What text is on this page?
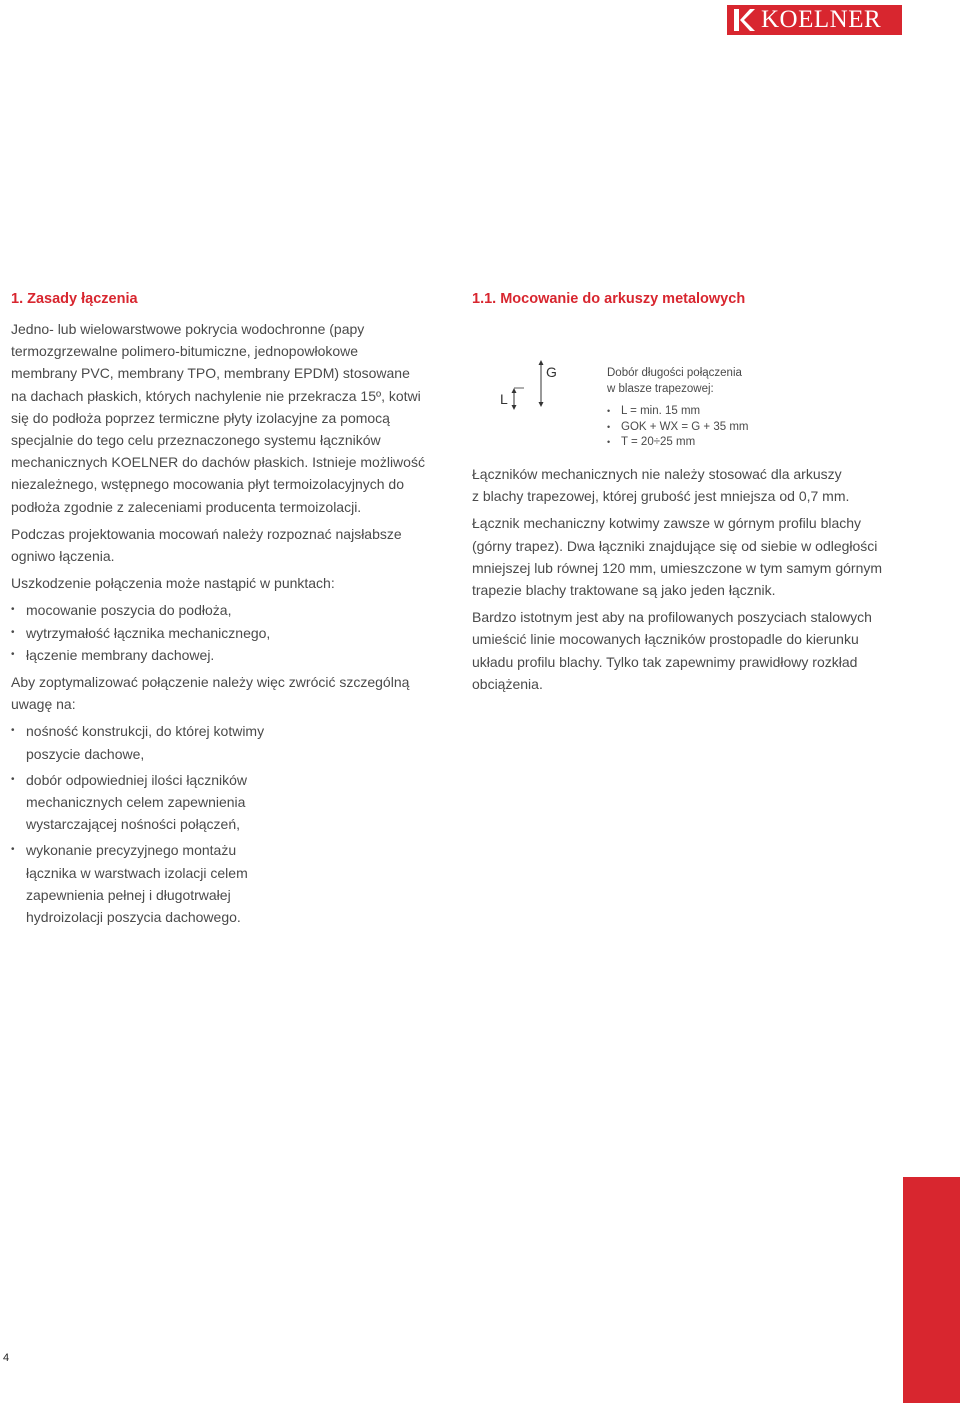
KOELNER
1. Zasady łączenia

Jedno- lub wielowarstwowe pokrycia wodochronne (papy
termozgrzewalne polimero-bitumiczne, jednopowłokowe
membrany PVC, membrany TPO, membrany EPDM) stosowane
na dachach płaskich, których nachylenie nie przekracza 15º, kotwi
się do podłoża poprzez termiczne płyty izolacyjne za pomocą
specjalnie do tego celu przeznaczonego systemu łączników
mechanicznych KOELNER do dachów płaskich. Istnieje możliwość
niezależnego, wstępnego mocowania płyt termoizolacyjnych do
podłoża zgodnie z zaleceniami producenta termoizolacji.

Podczas projektowania mocowań należy rozpoznać najsłabsze
ogniwo łączenia.

Uszkodzenie połączenia może nastąpić w punktach:

• mocowanie poszycia do podłoża,
• wytrzymałość łącznika mechanicznego,
• łączenie membrany dachowej.

Aby zoptymalizować połączenie należy więc zwrócić szczególną
uwagę na:

• nośność konstrukcji, do której kotwimy
poszycie dachowe,
• dobór odpowiedniej ilości łączników
mechanicznych celem zapewnienia
wystarczającej nośności połączeń,
• wykonanie precyzyjnego montażu
łącznika w warstwach izolacji celem
zapewnienia pełnej i długotrwałej
hydroizolacji poszycia dachowego.
1.1. Mocowanie do arkuszy metalowych
L
G	Dobór długości połączenia
w blasze trapezowej:

• L = min. 15 mm
• GOK + WX = G + 35 mm
• T = 20÷25 mm

Łączników mechanicznych nie należy stosować dla arkuszy
z blachy trapezowej, której grubość jest mniejsza od 0,7 mm.

Łącznik mechaniczny kotwimy zawsze w górnym profilu blachy
(górny trapez). Dwa łączniki znajdujące się od siebie w odległości
mniejszej lub równej 120 mm, umieszczone w tym samym górnym
trapezie blachy traktowane są jako jeden łącznik.

Bardzo istotnym jest aby na profilowanych poszyciach stalowych
umieścić linie mocowanych łączników prostopadle do kierunku
układu profilu blachy. Tylko tak zapewnimy prawidłowy rozkład
obciążenia.

4
